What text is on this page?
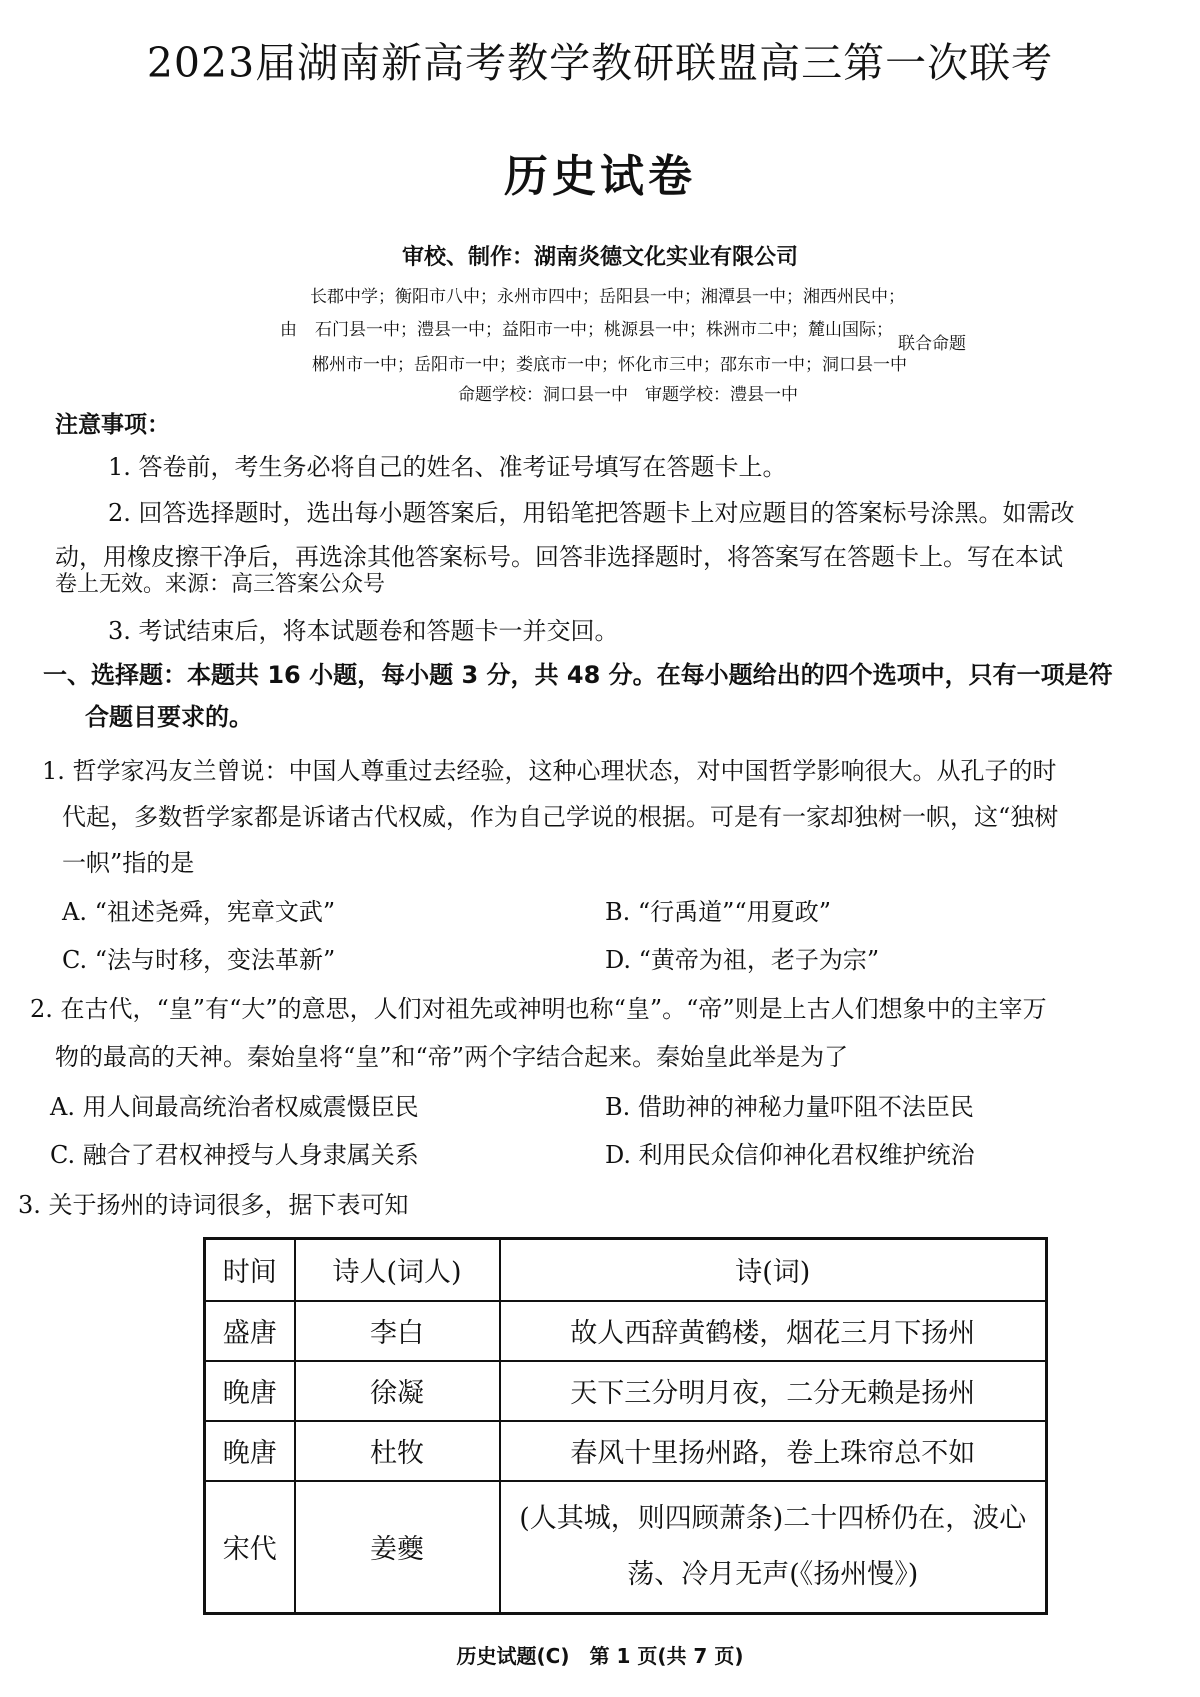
2023届湖南新高考教学教研联盟高三第一次联考
历史试卷
审校、制作：湖南炎德文化实业有限公司
长郡中学；衡阳市八中；永州市四中；岳阳县一中；湘潭县一中；湘西州民中；
由 石门县一中；澧县一中；益阳市一中；桃源县一中；株洲市二中；麓山国际；
联合命题
郴州市一中；岳阳市一中；娄底市一中；怀化市三中；邵东市一中；洞口县一中
命题学校：洞口县一中　审题学校：澧县一中
注意事项：
1. 答卷前，考生务必将自己的姓名、准考证号填写在答题卡上。
2. 回答选择题时，选出每小题答案后，用铅笔把答题卡上对应题目的答案标号涂黑。如需改
动，用橡皮擦干净后，再选涂其他答案标号。回答非选择题时，将答案写在答题卡上。写在本试
卷上无效。来源：高三答案公众号
3. 考试结束后，将本试题卷和答题卡一并交回。
一、选择题：本题共 16 小题，每小题 3 分，共 48 分。在每小题给出的四个选项中，只有一项是符
合题目要求的。
1. 哲学家冯友兰曾说：中国人尊重过去经验，这种心理状态，对中国哲学影响很大。从孔子的时
代起，多数哲学家都是诉诸古代权威，作为自己学说的根据。可是有一家却独树一帜，这“独树
一帜”指的是
A. “祖述尧舜，宪章文武”	B. “行禹道”“用夏政”
C. “法与时移，变法革新”	D. “黄帝为祖，老子为宗”
2. 在古代，“皇”有“大”的意思，人们对祖先或神明也称“皇”。“帝”则是上古人们想象中的主宰万
物的最高的天神。秦始皇将“皇”和“帝”两个字结合起来。秦始皇此举是为了
A. 用人间最高统治者权威震慑臣民	B. 借助神的神秘力量吓阻不法臣民
C. 融合了君权神授与人身隶属关系	D. 利用民众信仰神化君权维护统治
3. 关于扬州的诗词很多，据下表可知
时间	诗人(词人)	诗(词)
盛唐	李白	故人西辞黄鹤楼，烟花三月下扬州
晚唐	徐凝	天下三分明月夜，二分无赖是扬州
晚唐	杜牧	春风十里扬州路，卷上珠帘总不如
宋代	姜夔	(人其城，则四顾萧条)二十四桥仍在，波心荡、冷月无声(《扬州慢》)
历史试题(C)　第 1 页(共 7 页)
